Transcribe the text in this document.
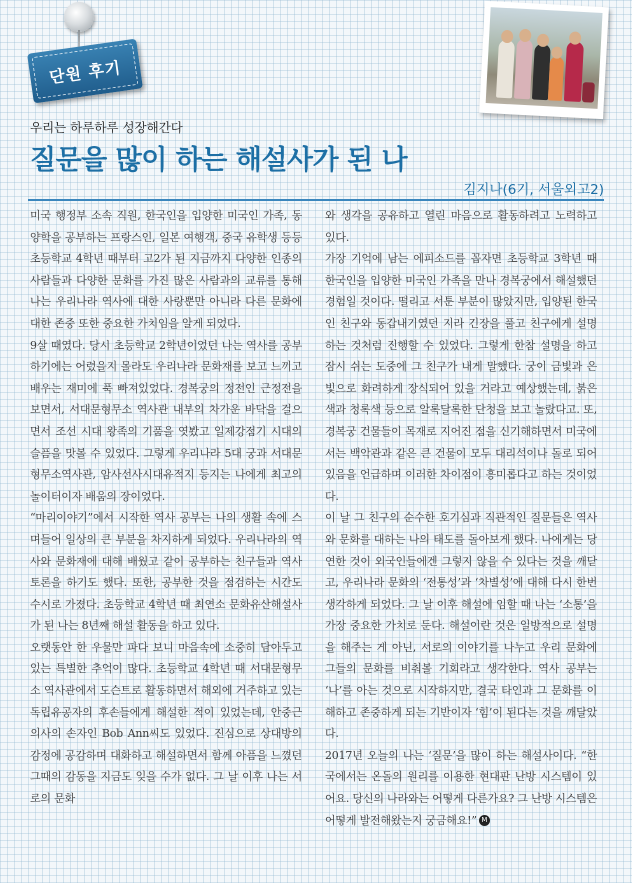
단원 후기
우리는 하루하루 성장해간다
질문을 많이 하는 해설사가 된 나
김지나(6기, 서울외고2)

미국 행정부 소속 직원, 한국인을 입양한 미국인 가족, 동양학을 공부하는 프랑스인, 일본 여행객, 중국 유학생 등등 초등학교 4학년 때부터 고2가 된 지금까지 다양한 인종의 사람들과 다양한 문화를 가진 많은 사람과의 교류를 통해 나는 우리나라 역사에 대한 사랑뿐만 아니라 다른 문화에 대한 존중 또한 중요한 가치임을 알게 되었다.

9살 때였다. 당시 초등학교 2학년이었던 나는 역사를 공부하기에는 어렸을지 몰라도 우리나라 문화재를 보고 느끼고 배우는 재미에 푹 빠져있었다. 경복궁의 정전인 근정전을 보면서, 서대문형무소 역사관 내부의 차가운 바닥을 걸으면서 조선 시대 왕족의 기품을 엿봤고 일제강점기 시대의 슬픔을 맛볼 수 있었다. 그렇게 우리나라 5대 궁과 서대문형무소역사관, 암사선사시대유적지 등지는 나에게 최고의 놀이터이자 배움의 장이었다.

“마리이야기”에서 시작한 역사 공부는 나의 생활 속에 스며들어 일상의 큰 부분을 차지하게 되었다. 우리나라의 역사와 문화재에 대해 배웠고 같이 공부하는 친구들과 역사 토론을 하기도 했다. 또한, 공부한 것을 점검하는 시간도 수시로 가졌다. 초등학교 4학년 때 최연소 문화유산해설사가 된 나는 8년째 해설 활동을 하고 있다.

오랫동안 한 우물만 파다 보니 마음속에 소중히 담아두고 있는 특별한 추억이 많다. 초등학교 4학년 때 서대문형무소 역사관에서 도슨트로 활동하면서 해외에 거주하고 있는 독립유공자의 후손들에게 해설한 적이 있었는데, 안중근 의사의 손자인 Bob Ann씨도 있었다. 진심으로 상대방의 감정에 공감하며 대화하고 해설하면서 함께 아픔을 느꼈던 그때의 감동을 지금도 잊을 수가 없다. 그 날 이후 나는 서로의 문화

와 생각을 공유하고 열린 마음으로 활동하려고 노력하고 있다.

가장 기억에 남는 에피소드를 꼽자면 초등학교 3학년 때 한국인을 입양한 미국인 가족을 만나 경복궁에서 해설했던 경험일 것이다. 떨리고 서툰 부분이 많았지만, 입양된 한국인 친구와 동갑내기였던 지라 긴장을 풀고 친구에게 설명하는 것처럼 진행할 수 있었다. 그렇게 한참 설명을 하고 잠시 쉬는 도중에 그 친구가 내게 말했다. 궁이 금빛과 은빛으로 화려하게 장식되어 있을 거라고 예상했는데, 붉은색과 청록색 등으로 알록달록한 단청을 보고 놀랐다고. 또, 경복궁 건물들이 목재로 지어진 점을 신기해하면서 미국에서는 백악관과 같은 큰 건물이 모두 대리석이나 돌로 되어있음을 언급하며 이러한 차이점이 흥미롭다고 하는 것이었다.

이 날 그 친구의 순수한 호기심과 직관적인 질문들은 역사와 문화를 대하는 나의 태도를 돌아보게 했다. 나에게는 당연한 것이 외국인들에겐 그렇지 않을 수 있다는 것을 깨닫고, 우리나라 문화의 ‘전통성’과 ‘차별성’에 대해 다시 한번 생각하게 되었다. 그 날 이후 해설에 임할 때 나는 ‘소통’을 가장 중요한 가치로 둔다. 해설이란 것은 일방적으로 설명을 해주는 게 아닌, 서로의 이야기를 나누고 우리 문화에 그들의 문화를 비춰볼 기회라고 생각한다. 역사 공부는 ‘나’를 아는 것으로 시작하지만, 결국 타인과 그 문화를 이해하고 존중하게 되는 기반이자 ‘힘’이 된다는 것을 깨달았다.

2017년 오늘의 나는 ‘질문’을 많이 하는 해설사이다. “한국에서는 온돌의 원리를 이용한 현대판 난방 시스템이 있어요. 당신의 나라와는 어떻게 다른가요? 그 난방 시스템은 어떻게 발전해왔는지 궁금해요!” M
